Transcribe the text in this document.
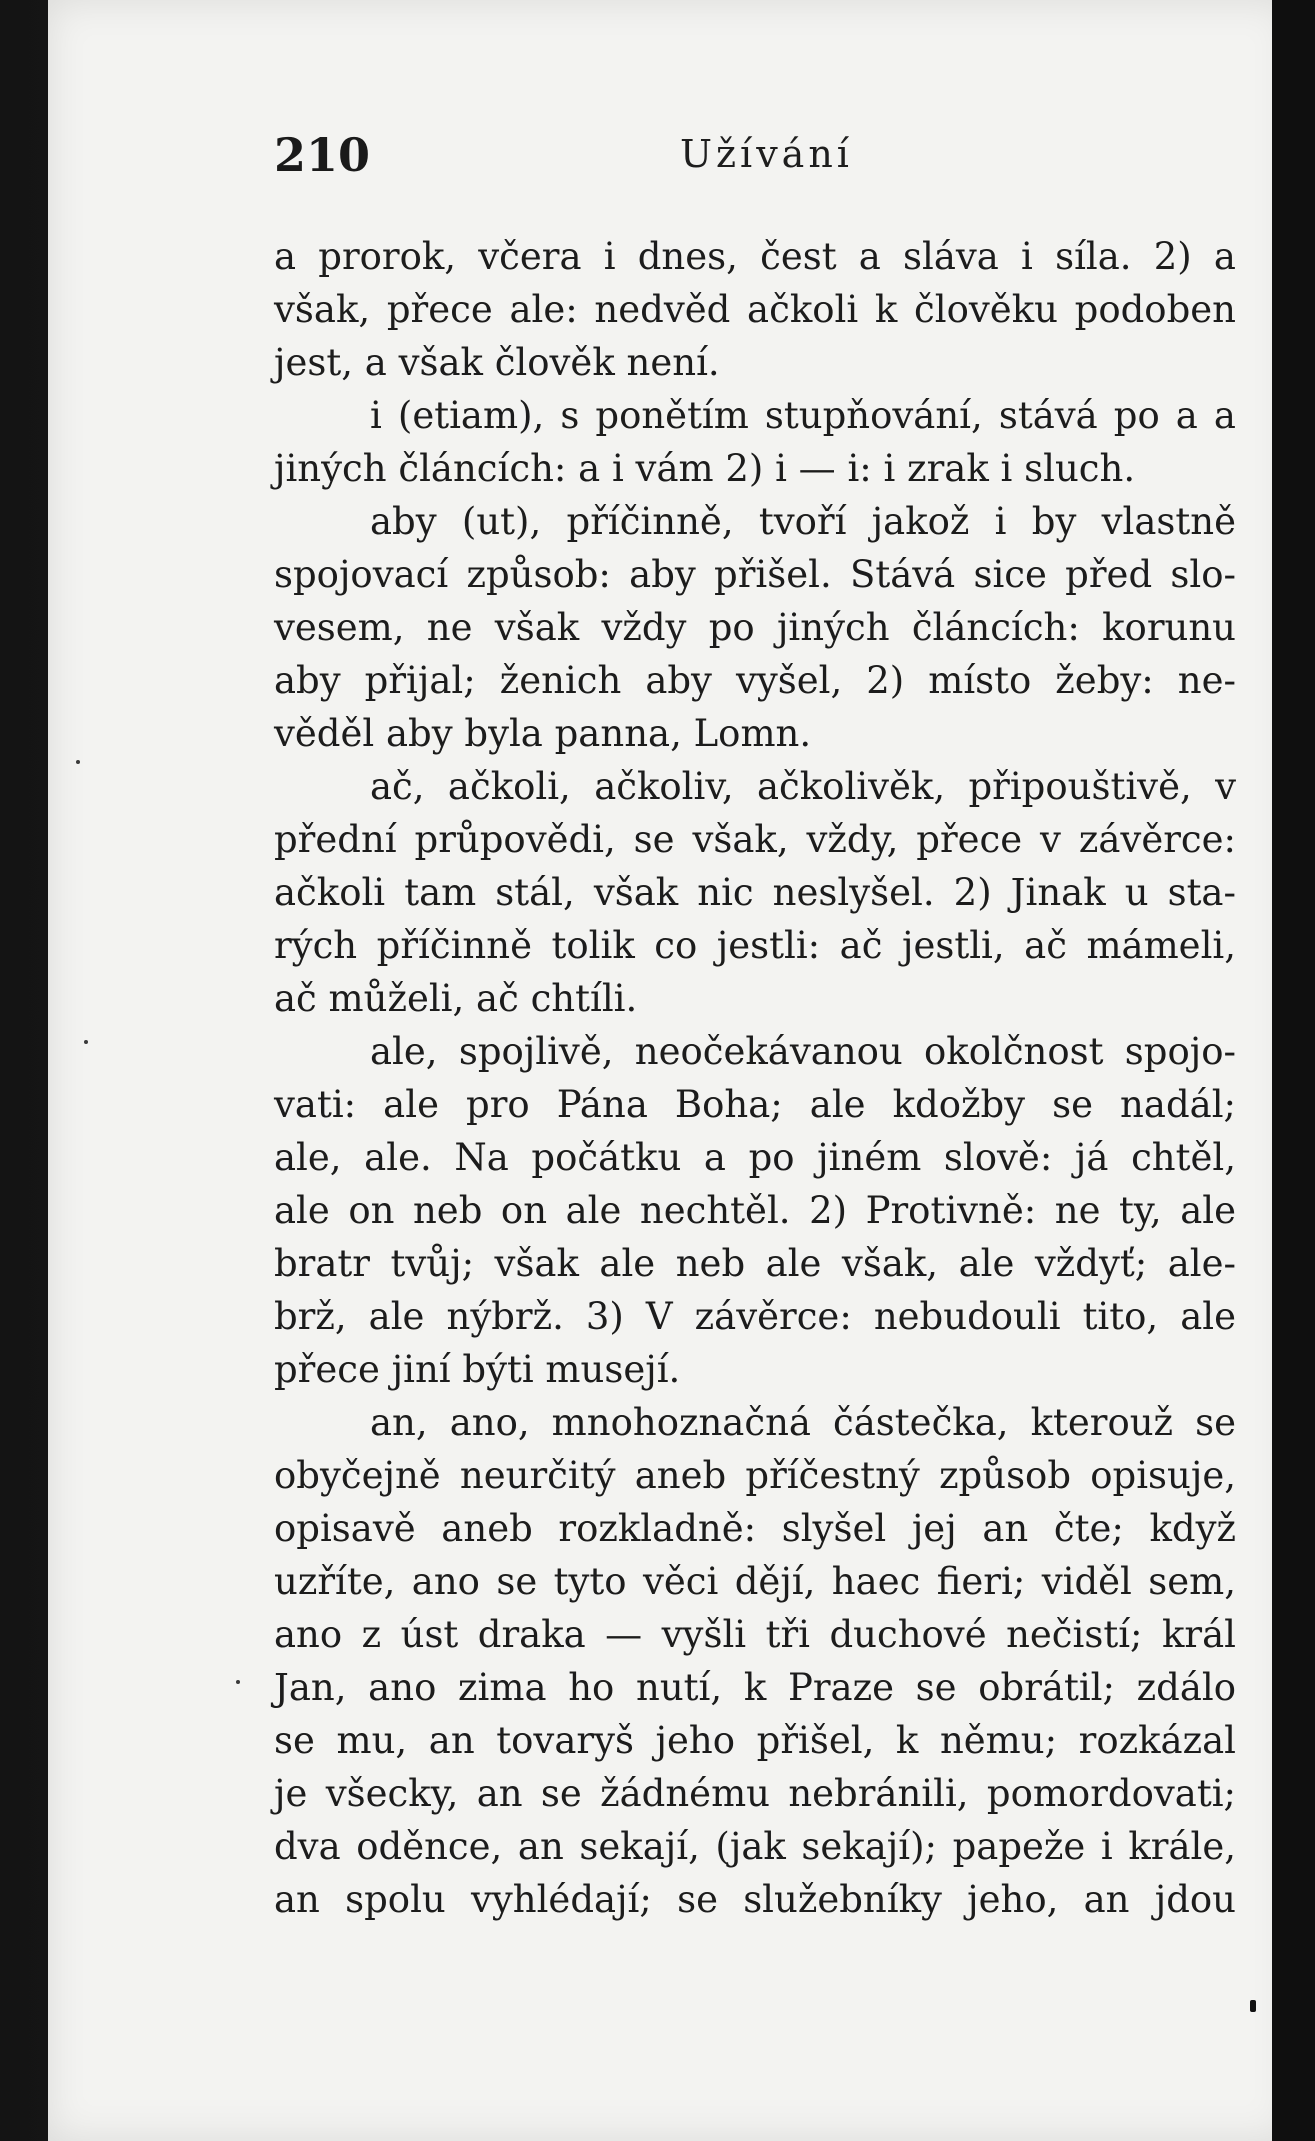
210	Užívání
a prorok, včera i dnes, čest a sláva i síla. 2) a
však, přece ale: nedvěd ačkoli k člověku podoben
jest, a však člověk není.
i (etiam), s ponětím stupňování, stává po a a
jiných článcích: a i vám 2) i — i: i zrak i sluch.
aby (ut), příčinně, tvoří jakož i by vlastně
spojovací způsob: aby přišel. Stává sice před slo-
vesem, ne však vždy po jiných článcích: korunu
aby přijal; ženich aby vyšel, 2) místo žeby: ne-
věděl aby byla panna, Lomn.
ač, ačkoli, ačkoliv, ačkolivěk, připouštivě, v
přední průpovědi, se však, vždy, přece v závěrce:
ačkoli tam stál, však nic neslyšel. 2) Jinak u sta-
rých příčinně tolik co jestli: ač jestli, ač mámeli,
ač můželi, ač chtíli.
ale, spojlivě, neočekávanou okolčnost spojo-
vati: ale pro Pána Boha; ale kdožby se nadál;
ale, ale. Na počátku a po jiném slově: já chtěl,
ale on neb on ale nechtěl. 2) Protivně: ne ty, ale
bratr tvůj; však ale neb ale však, ale vždyť; ale-
brž, ale nýbrž. 3) V závěrce: nebudouli tito, ale
přece jiní býti musejí.
an, ano, mnohoznačná částečka, kterouž se
obyčejně neurčitý aneb příčestný způsob opisuje,
opisavě aneb rozkladně: slyšel jej an čte; když
uzříte, ano se tyto věci dějí, haec fieri; viděl sem,
ano z úst draka — vyšli tři duchové nečistí; král
Jan, ano zima ho nutí, k Praze se obrátil; zdálo
se mu, an tovaryš jeho přišel, k němu; rozkázal
je všecky, an se žádnému nebránili, pomordovati;
dva oděnce, an sekají, (jak sekají); papeže i krále,
an spolu vyhlédají; se služebníky jeho, an jdou
